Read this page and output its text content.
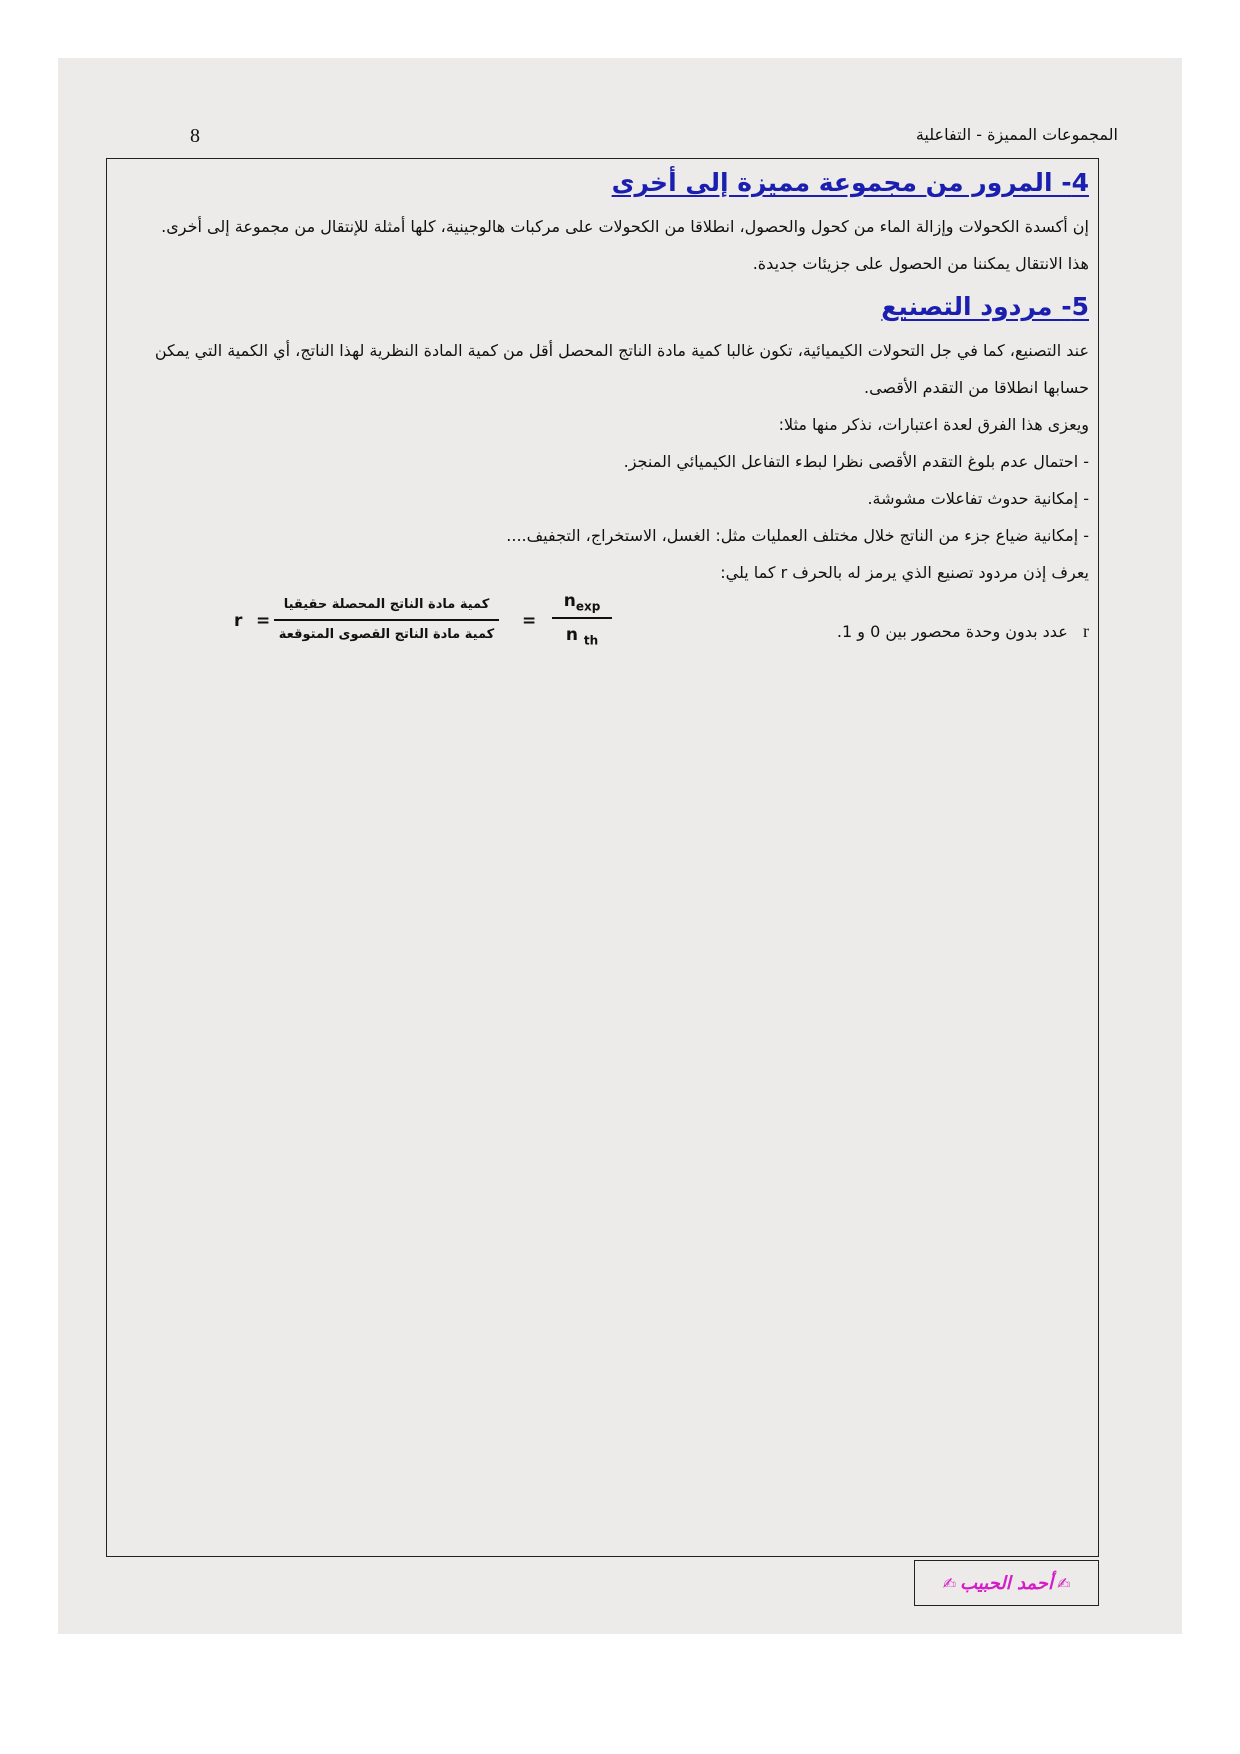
المجموعات المميزة - التفاعلية
8
4- المرور من مجموعة مميزة إلى أخرى

إن أكسدة الكحولات وإزالة الماء من كحول والحصول، انطلاقا من الكحولات على مركبات هالوجينية، كلها أمثلة للإنتقال من مجموعة إلى أخرى.

هذا الانتقال يمكننا من الحصول على جزيئات جديدة.

5- مردود التصنيع

عند التصنيع، كما في جل التحولات الكيميائية، تكون غالبا كمية مادة الناتج المحصل أقل من كمية المادة النظرية لهذا الناتج، أي الكمية التي يمكن حسابها انطلاقا من التقدم الأقصى.

ويعزى هذا الفرق لعدة اعتبارات، نذكر منها مثلا:

- احتمال عدم بلوغ التقدم الأقصى نظرا لبطء التفاعل الكيميائي المنجز.

- إمكانية حدوث تفاعلات مشوشة.

- إمكانية ضياع جزء من الناتج خلال مختلف العمليات مثل: الغسل، الاستخراج، التجفيف....

يعرف إذن مردود تصنيع الذي يرمز له بالحرف r كما يلي:

r =
كمية مادة الناتج المحصلة حقيقيا
كمية مادة الناتج القصوى المتوقعة
=
$n_{exp}$
n $_{th}$	r   عدد بدون وحدة محصور بين 0 و 1.
✍
أحمد الحبيب
✍
